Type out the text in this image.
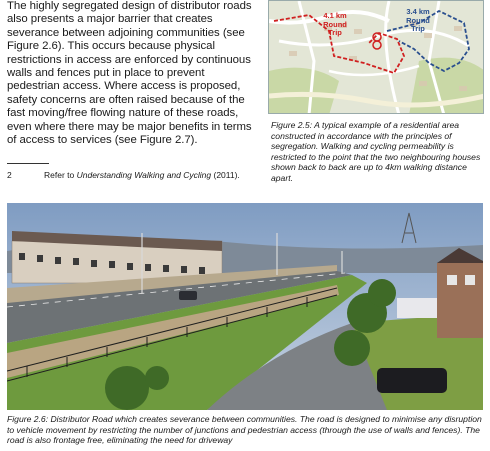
The highly segregated design of distributor roads also presents a major barrier that creates severance between adjoining communities (see Figure 2.6). This occurs because physical restrictions in access are enforced by continuous walls and fences put in place to prevent pedestrian access. Where access is proposed, safety concerns are often raised because of the fast moving/free flowing nature of these roads, even where there may be major benefits in terms of access to services (see Figure 2.7).

2	Refer to Understanding Walking and Cycling (2011).
4.1 km Round Trip
3.4 km Round Trip

Figure 2.5: A typical example of a residential area constructed in accordance with the principles of segregation. Walking and cycling permeability is restricted to the point that the two neighbouring houses shown back to back are up to 4km walking distance apart.

Figure 2.6: Distributor Road which creates severance between communities. The road is designed to minimise any disruption to vehicle movement by restricting the number of junctions and pedestrian access (through the use of walls and fences). The road is also frontage free, eliminating the need for driveway
